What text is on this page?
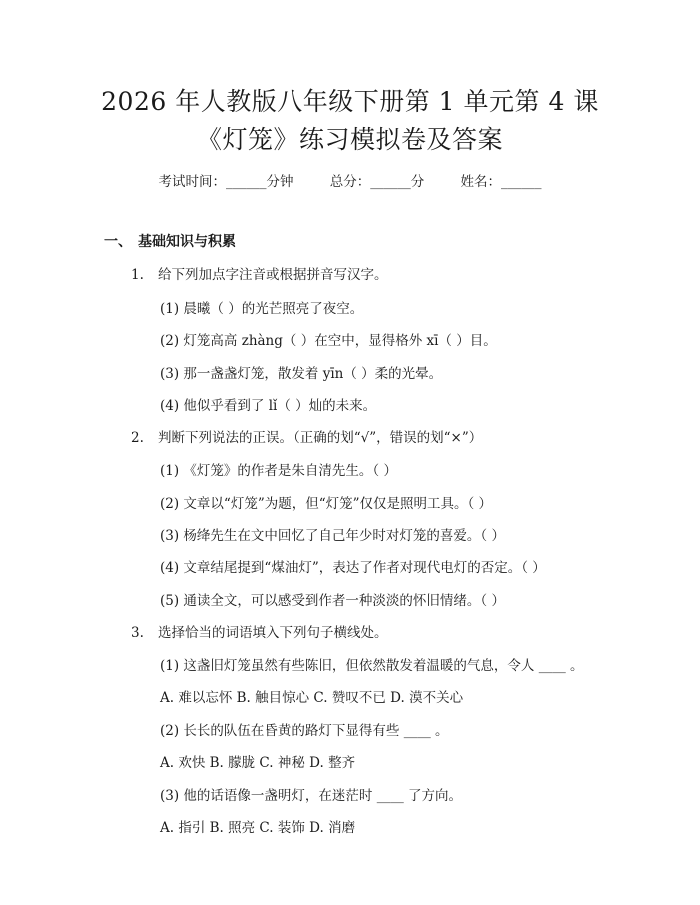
2026 年人教版八年级下册第 1 单元第 4 课
《灯笼》练习模拟卷及答案
考试时间：______分钟	总分：______分	姓名：______
一、 基础知识与积累
1. 给下列加点字注音或根据拼音写汉字。
(1) 晨曦（ ）的光芒照亮了夜空。
(2) 灯笼高高 zhàng（ ）在空中，显得格外 xī（ ）目。
(3) 那一盏盏灯笼，散发着 yīn（ ）柔的光晕。
(4) 他似乎看到了 lǐ（ ）灿的未来。
2. 判断下列说法的正误。（正确的划“√”，错误的划“×”）
(1) 《灯笼》的作者是朱自清先生。（ ）
(2) 文章以“灯笼”为题，但“灯笼”仅仅是照明工具。（ ）
(3) 杨绛先生在文中回忆了自己年少时对灯笼的喜爱。（ ）
(4) 文章结尾提到“煤油灯”，表达了作者对现代电灯的否定。（ ）
(5) 通读全文，可以感受到作者一种淡淡的怀旧情绪。（ ）
3. 选择恰当的词语填入下列句子横线处。
(1) 这盏旧灯笼虽然有些陈旧，但依然散发着温暖的气息，令人 ____ 。
A. 难以忘怀 B. 触目惊心 C. 赞叹不已 D. 漠不关心
(2) 长长的队伍在昏黄的路灯下显得有些 ____ 。
A. 欢快 B. 朦胧 C. 神秘 D. 整齐
(3) 他的话语像一盏明灯，在迷茫时 ____ 了方向。
A. 指引 B. 照亮 C. 装饰 D. 消磨
